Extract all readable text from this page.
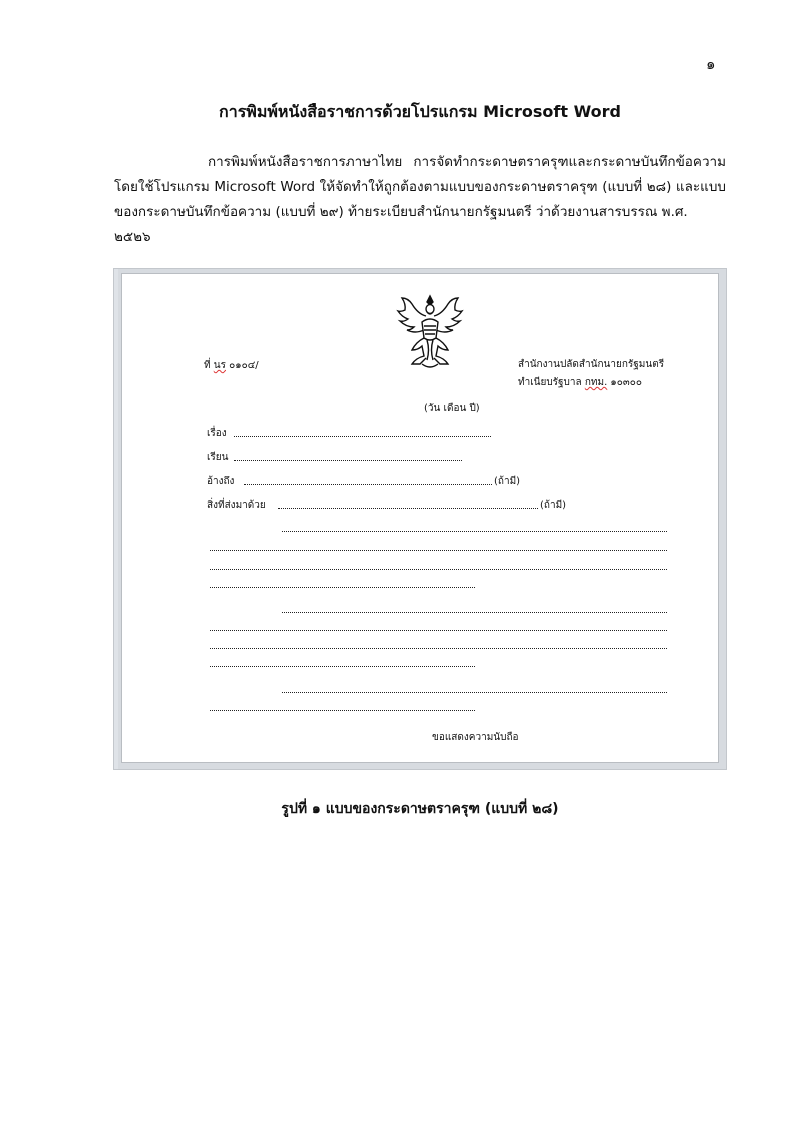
๑
การพิมพ์หนังสือราชการด้วยโปรแกรม Microsoft Word

การพิมพ์หนังสือราชการภาษาไทย การจัดทำกระดาษตราครุฑและกระดาษบันทึกข้อความ

โดยใช้โปรแกรม Microsoft Word ให้จัดทำให้ถูกต้องตามแบบของกระดาษตราครุฑ (แบบที่ ๒๘) และแบบ

ของกระดาษบันทึกข้อความ (แบบที่ ๒๙) ท้ายระเบียบสำนักนายกรัฐมนตรี ว่าด้วยงานสารบรรณ พ.ศ. ๒๕๒๖

ที่ นร ๐๑๐๔/	สำนักงานปลัดสำนักนายกรัฐมนตรี
ทำเนียบรัฐบาล กทม. ๑๐๓๐๐
(วัน เดือน ปี)
เรื่อง
เรียน
อ้างถึง	(ถ้ามี)
สิ่งที่ส่งมาด้วย	(ถ้ามี)
ขอแสดงความนับถือ
รูปที่ ๑ แบบของกระดาษตราครุฑ (แบบที่ ๒๘)
